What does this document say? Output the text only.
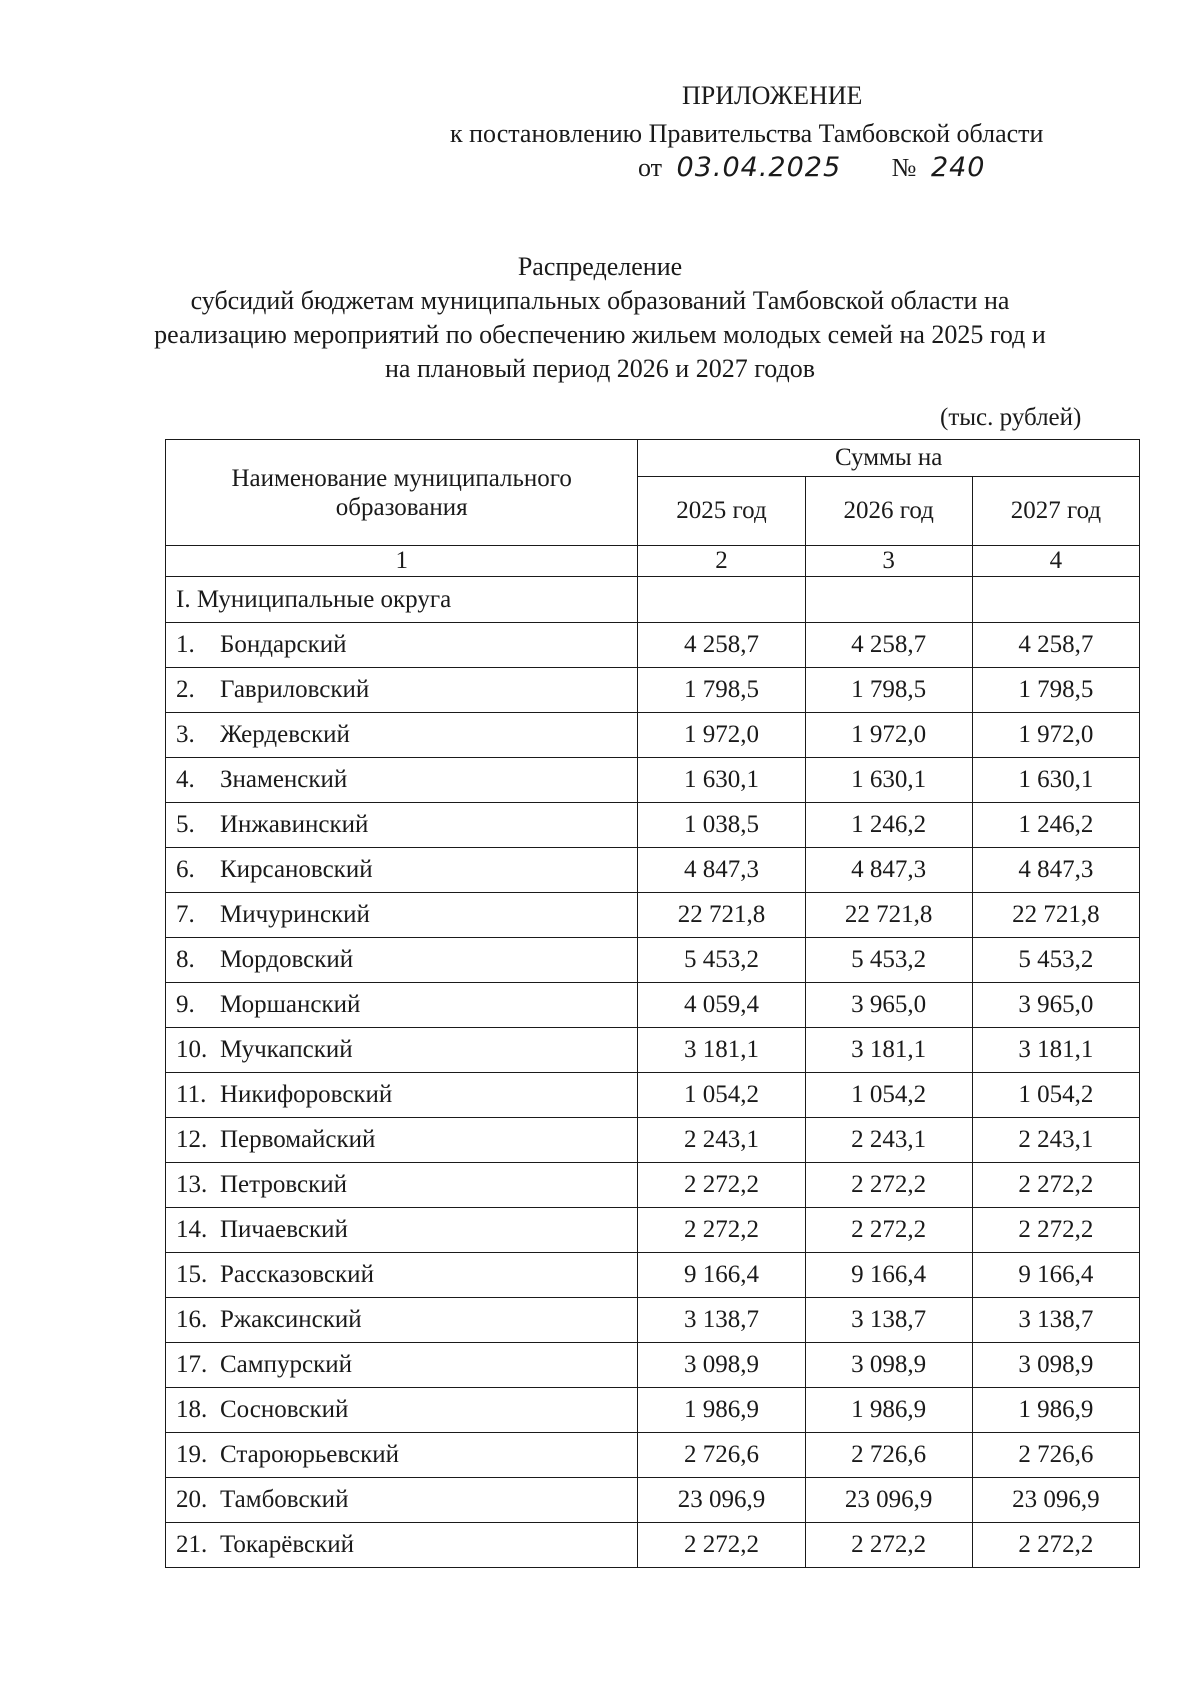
ПРИЛОЖЕНИЕ
к постановлению Правительства Тамбовской области
от 03.04.2025 № 240
Распределение
субсидий бюджетам муниципальных образований Тамбовской области на реализацию мероприятий по обеспечению жильем молодых семей на 2025 год и на плановый период 2026 и 2027 годов
(тыс. рублей)
Наименование муниципального образования	Суммы на		
	2025 год	2026 год	2027 год
1	2	3	4
I. Муниципальные округа			
1. Бондарский	4 258,7	4 258,7	4 258,7
2. Гавриловский	1 798,5	1 798,5	1 798,5
3. Жердевский	1 972,0	1 972,0	1 972,0
4. Знаменский	1 630,1	1 630,1	1 630,1
5. Инжавинский	1 038,5	1 246,2	1 246,2
6. Кирсановский	4 847,3	4 847,3	4 847,3
7. Мичуринский	22 721,8	22 721,8	22 721,8
8. Мордовский	5 453,2	5 453,2	5 453,2
9. Моршанский	4 059,4	3 965,0	3 965,0
10. Мучкапский	3 181,1	3 181,1	3 181,1
11. Никифоровский	1 054,2	1 054,2	1 054,2
12. Первомайский	2 243,1	2 243,1	2 243,1
13. Петровский	2 272,2	2 272,2	2 272,2
14. Пичаевский	2 272,2	2 272,2	2 272,2
15. Рассказовский	9 166,4	9 166,4	9 166,4
16. Ржаксинский	3 138,7	3 138,7	3 138,7
17. Сампурский	3 098,9	3 098,9	3 098,9
18. Сосновский	1 986,9	1 986,9	1 986,9
19. Староюрьевский	2 726,6	2 726,6	2 726,6
20. Тамбовский	23 096,9	23 096,9	23 096,9
21. Токарёвский	2 272,2	2 272,2	2 272,2
